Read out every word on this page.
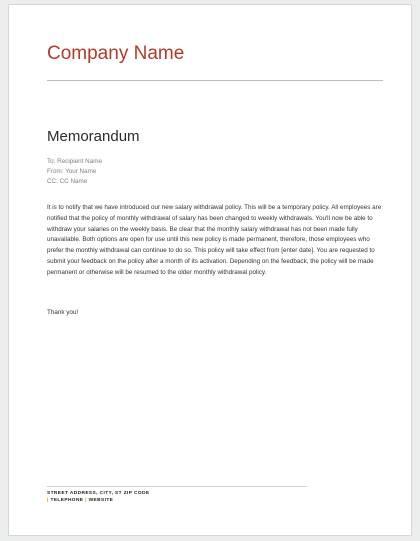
Company Name
Memorandum
To: Recipient Name
From: Your Name
CC: CC Name

It is to notify that we have introduced our new salary withdrawal policy. This will be a temporary policy. All employees are notified that the policy of monthly withdrawal of salary has been changed to weekly withdrawals. You'll now be able to withdraw your salaries on the weekly basis. Be clear that the monthly salary withdrawal has not been made fully unavailable. Both options are open for use until this new policy is made permanent, therefore, those employees who prefer the monthly withdrawal can continue to do so. This policy will take effect from [enter date]. You are requested to submit your feedback on the policy after a month of its activation. Depending on the feedback, the policy will be made permanent or otherwise will be resumed to the older monthly withdrawal policy.

Thank you!
STREET ADDRESS, CITY, ST ZIP CODE
| TELEPHONE | WEBSITE
